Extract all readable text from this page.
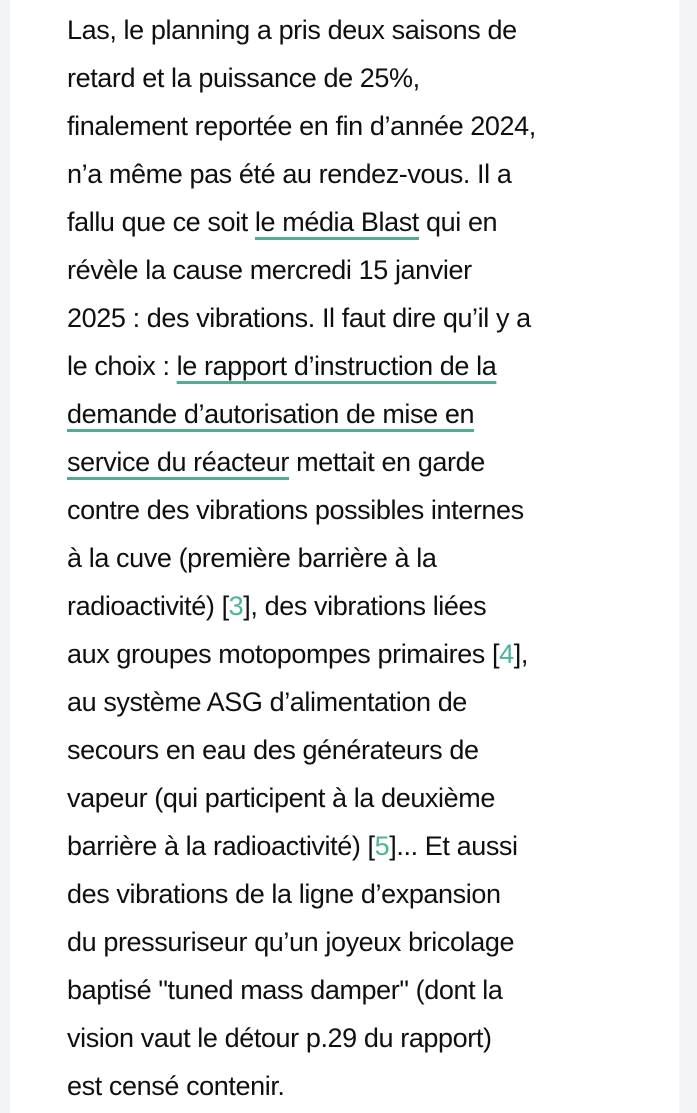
Las, le planning a pris deux saisons de
retard et la puissance de 25%,
finalement reportée en fin d’année 2024,
n’a même pas été au rendez-vous. Il a
fallu que ce soit le média Blast qui en
révèle la cause mercredi 15 janvier
2025 : des vibrations. Il faut dire qu’il y a
le choix : le rapport d’instruction de la
demande d’autorisation de mise en
service du réacteur mettait en garde
contre des vibrations possibles internes
à la cuve (première barrière à la
radioactivité) [3], des vibrations liées
aux groupes motopompes primaires [4],
au système ASG d’alimentation de
secours en eau des générateurs de
vapeur (qui participent à la deuxième
barrière à la radioactivité) [5]... Et aussi
des vibrations de la ligne d’expansion
du pressuriseur qu’un joyeux bricolage
baptisé "tuned mass damper" (dont la
vision vaut le détour p.29 du rapport)
est censé contenir.
